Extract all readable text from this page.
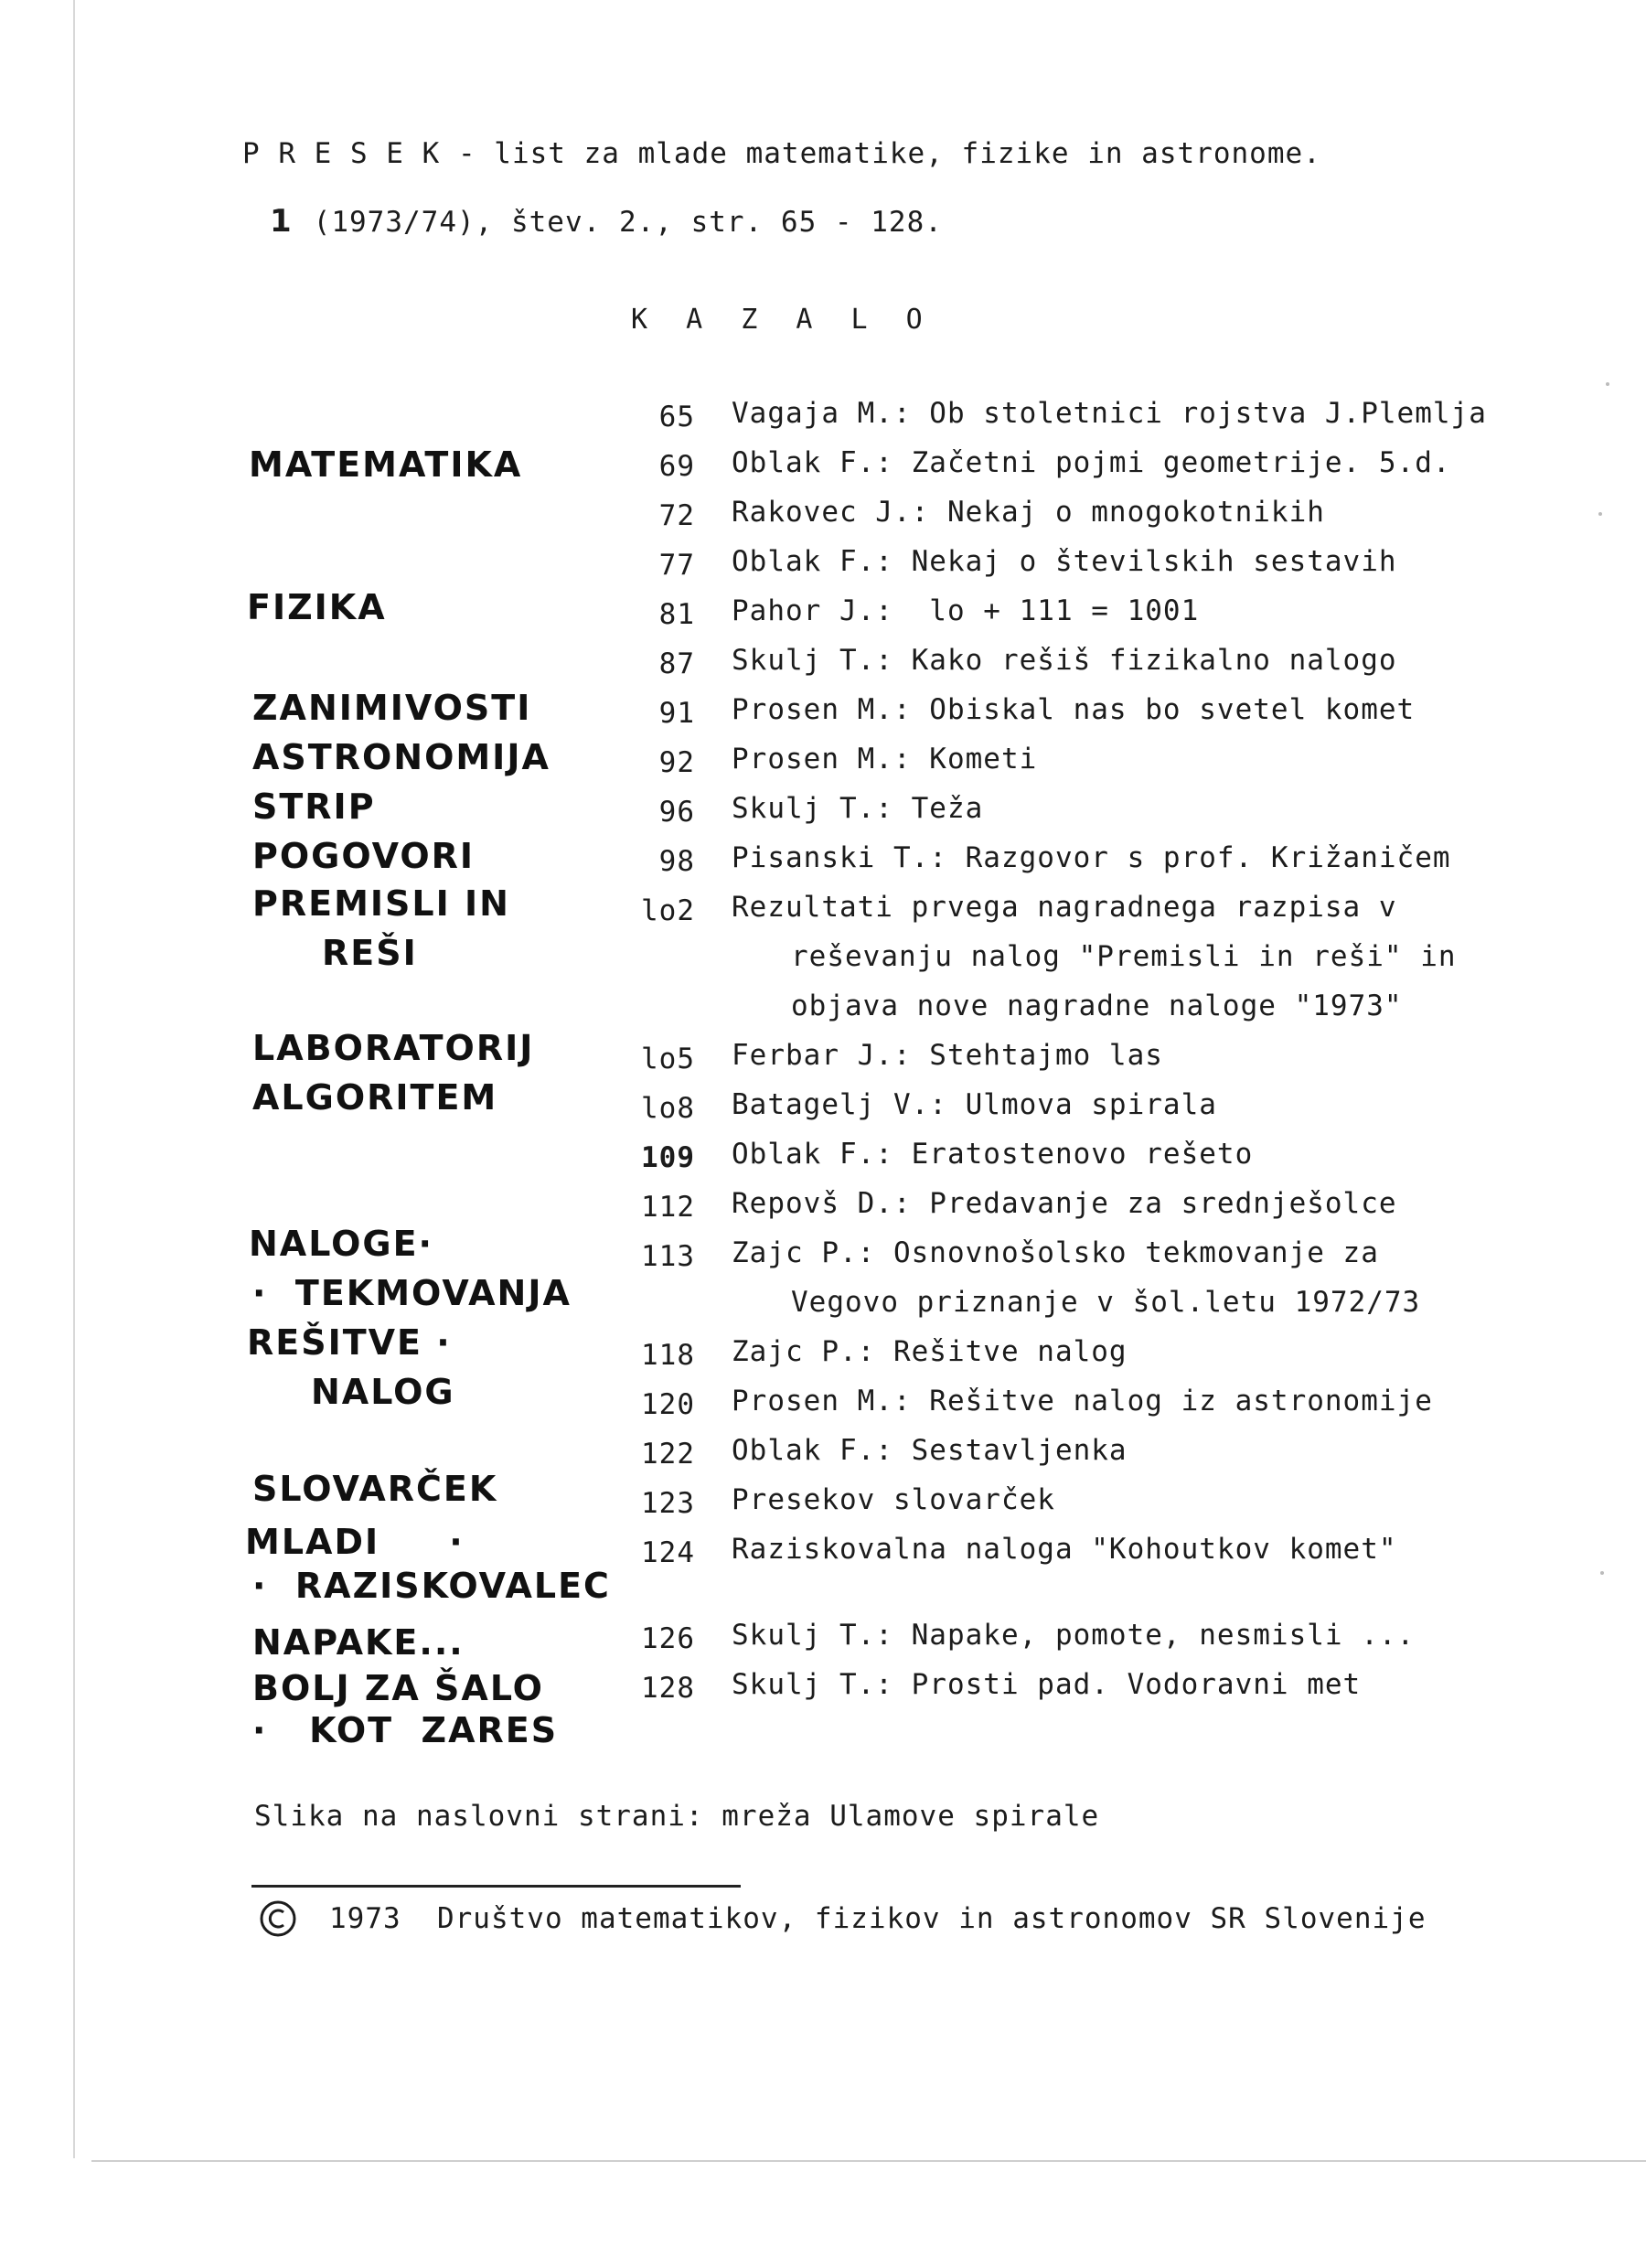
P R E S E K - list za mlade matematike, fizike in astronome.
1 (1973/74), štev. 2., str. 65 - 128.
K A Z A L O
MATEMATIKA
FIZIKA
ZANIMIVOSTI
ASTRONOMIJA
STRIP
POGOVORI
PREMISLI IN
REŠI
LABORATORIJ
ALGORITEM
NALOGE·
·  TEKMOVANJA
REŠITVE ·
NALOG
SLOVARČEK
MLADI     ·
·  RAZISKOVALEC
NAPAKE...
BOLJ ZA ŠALO
·   KOT  ZARES
65 Vagaja M.: Ob stoletnici rojstva J.Plemlja
69 Oblak F.: Začetni pojmi geometrije. 5.d.
72 Rakovec J.: Nekaj o mnogokotnikih
77 Oblak F.: Nekaj o številskih sestavih
81 Pahor J.:  lo + 111 = 1001
87 Skulj T.: Kako rešiš fizikalno nalogo
91 Prosen M.: Obiskal nas bo svetel komet
92 Prosen M.: Kometi
96 Skulj T.: Teža
98 Pisanski T.: Razgovor s prof. Križaničem
lo2 Rezultati prvega nagradnega razpisa v
reševanju nalog "Premisli in reši" in
objava nove nagradne naloge "1973"
lo5 Ferbar J.: Stehtajmo las
lo8 Batagelj V.: Ulmova spirala
109 Oblak F.: Eratostenovo rešeto
112 Repovš D.: Predavanje za srednješolce
113 Zajc P.: Osnovnošolsko tekmovanje za
Vegovo priznanje v šol.letu 1972/73
118 Zajc P.: Rešitve nalog
120 Prosen M.: Rešitve nalog iz astronomije
122 Oblak F.: Sestavljenka
123 Presekov slovarček
124 Raziskovalna naloga "Kohoutkov komet"
126 Skulj T.: Napake, pomote, nesmisli ...
128 Skulj T.: Prosti pad. Vodoravni met
Slika na naslovni strani: mreža Ulamove spirale
1973  Društvo matematikov, fizikov in astronomov SR Slovenije
